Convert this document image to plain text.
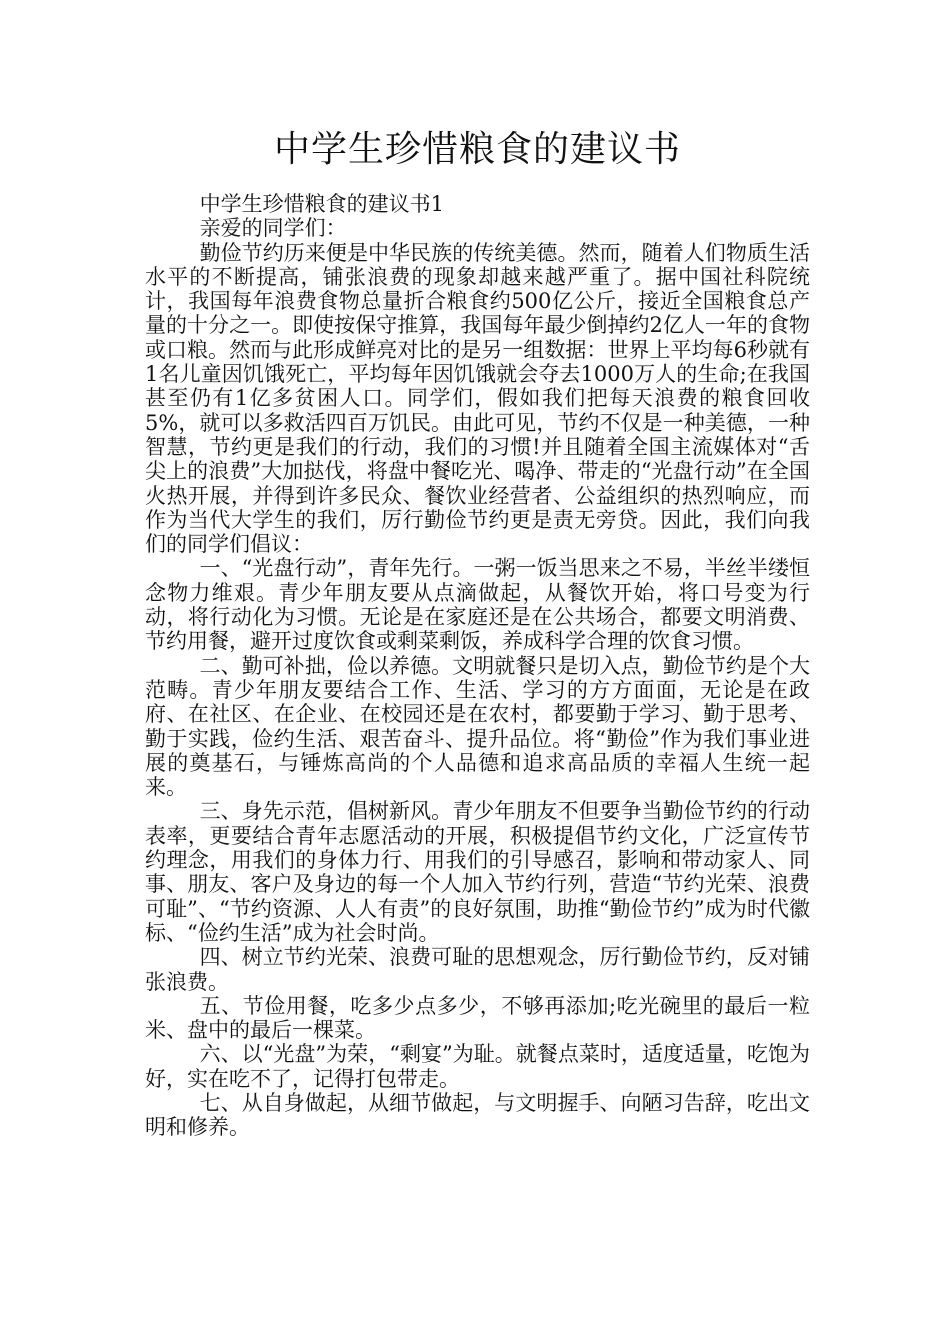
中学生珍惜粮食的建议书

中学生珍惜粮食的建议书1

亲爱的同学们：

勤俭节约历来便是中华民族的传统美德。然而，随着人们物质生活水平的不断提高，铺张浪费的现象却越来越严重了。据中国社科院统计，我国每年浪费食物总量折合粮食约500亿公斤，接近全国粮食总产量的十分之一。即使按保守推算，我国每年最少倒掉约2亿人一年的食物或口粮。然而与此形成鲜亮对比的是另一组数据：世界上平均每6秒就有1名儿童因饥饿死亡，平均每年因饥饿就会夺去1000万人的生命;在我国甚至仍有1亿多贫困人口。同学们，假如我们把每天浪费的粮食回收5%，就可以多救活四百万饥民。由此可见，节约不仅是一种美德，一种智慧，节约更是我们的行动，我们的习惯!并且随着全国主流媒体对“舌尖上的浪费”大加挞伐，将盘中餐吃光、喝净、带走的“光盘行动”在全国火热开展，并得到许多民众、餐饮业经营者、公益组织的热烈响应，而作为当代大学生的我们，厉行勤俭节约更是责无旁贷。因此，我们向我们的同学们倡议：

一、“光盘行动”，青年先行。一粥一饭当思来之不易，半丝半缕恒念物力维艰。青少年朋友要从点滴做起，从餐饮开始，将口号变为行动，将行动化为习惯。无论是在家庭还是在公共场合，都要文明消费、节约用餐，避开过度饮食或剩菜剩饭，养成科学合理的饮食习惯。

二、勤可补拙，俭以养德。文明就餐只是切入点，勤俭节约是个大范畴。青少年朋友要结合工作、生活、学习的方方面面，无论是在政府、在社区、在企业、在校园还是在农村，都要勤于学习、勤于思考、勤于实践，俭约生活、艰苦奋斗、提升品位。将“勤俭”作为我们事业进展的奠基石，与锤炼高尚的个人品德和追求高品质的幸福人生统一起来。

三、身先示范，倡树新风。青少年朋友不但要争当勤俭节约的行动表率，更要结合青年志愿活动的开展，积极提倡节约文化，广泛宣传节约理念，用我们的身体力行、用我们的引导感召，影响和带动家人、同事、朋友、客户及身边的每一个人加入节约行列，营造“节约光荣、浪费可耻”、“节约资源、人人有责”的良好氛围，助推“勤俭节约”成为时代徽标、“俭约生活”成为社会时尚。

四、树立节约光荣、浪费可耻的思想观念，厉行勤俭节约，反对铺张浪费。

五、节俭用餐，吃多少点多少，不够再添加;吃光碗里的最后一粒米、盘中的最后一棵菜。

六、以“光盘”为荣，“剩宴”为耻。就餐点菜时，适度适量，吃饱为好，实在吃不了，记得打包带走。

七、从自身做起，从细节做起，与文明握手、向陋习告辞，吃出文明和修养。
